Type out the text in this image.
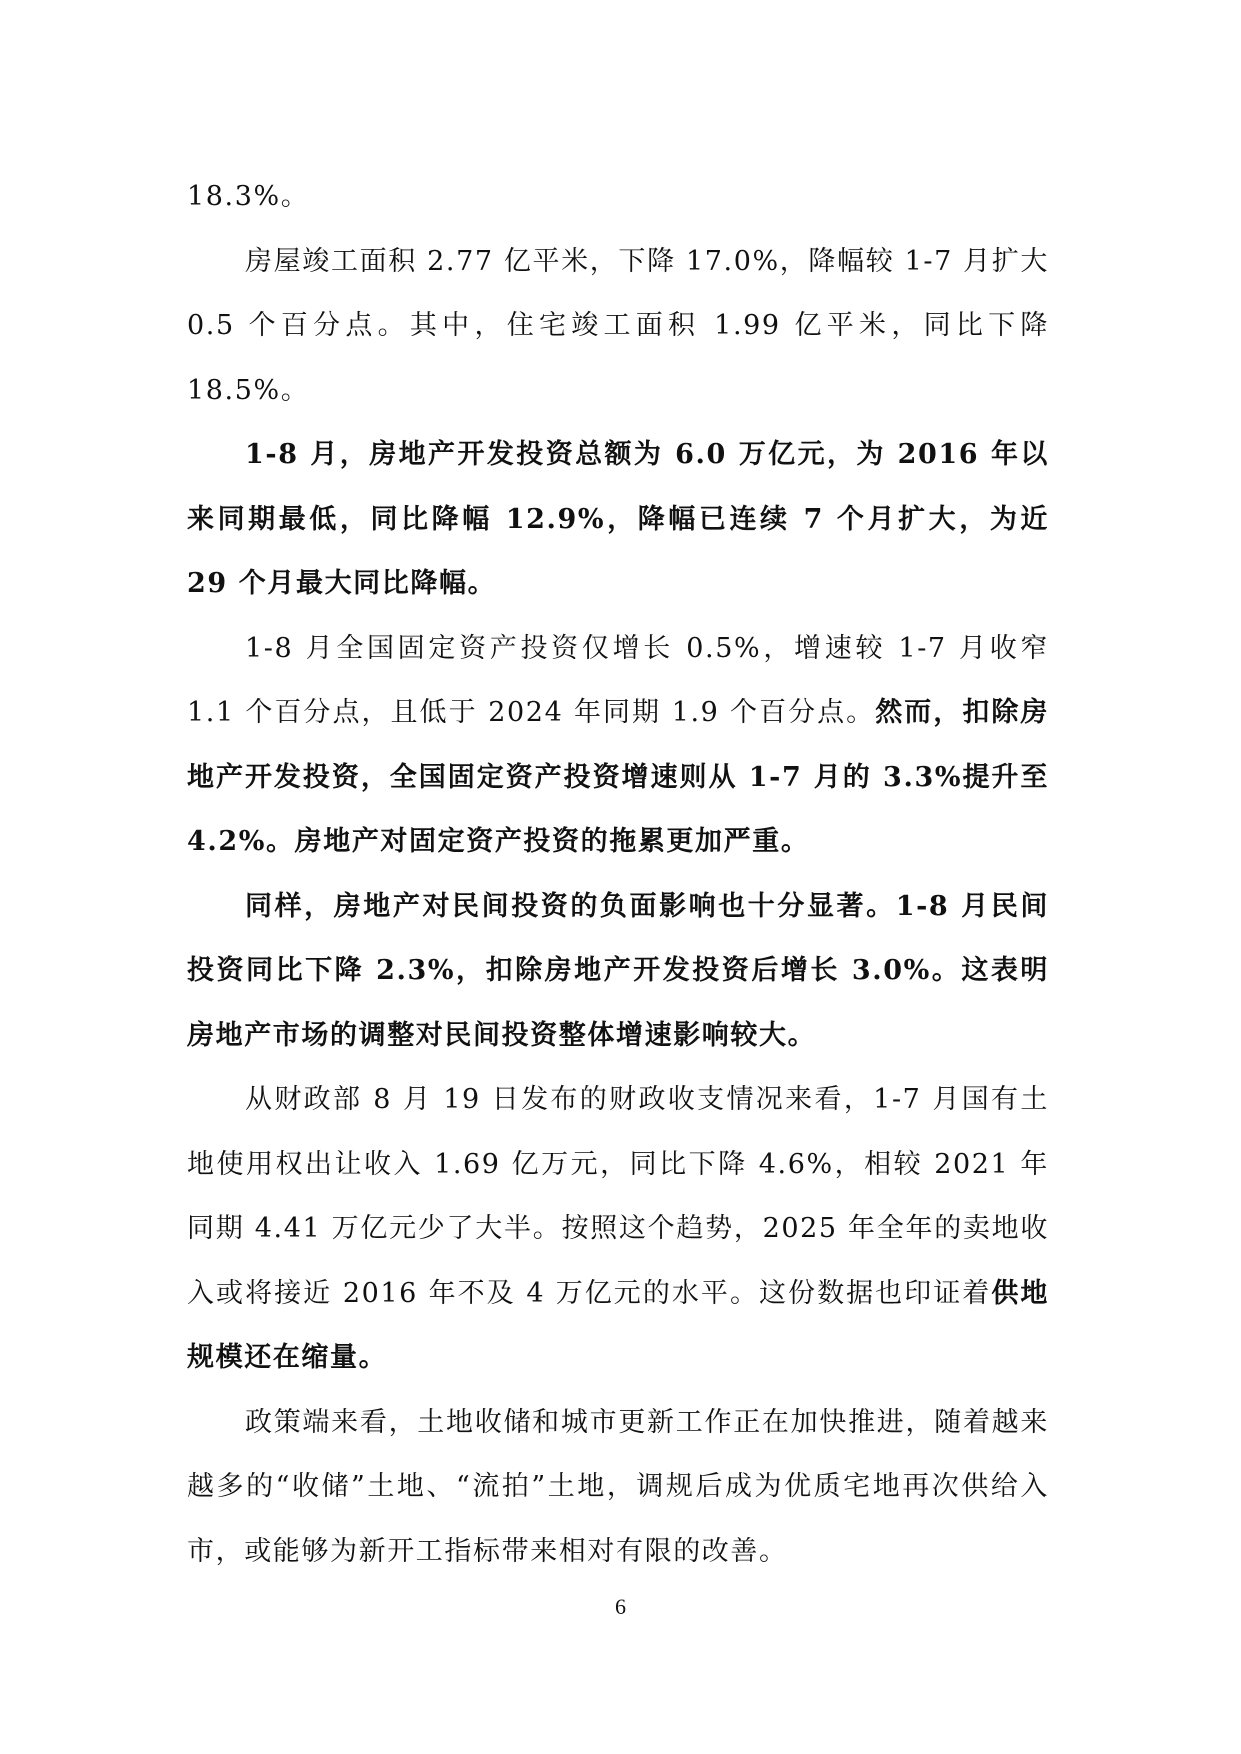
18.3%。

房屋竣工面积 2.77 亿平米，下降 17.0%，降幅较 1-7 月扩大 0.5 个百分点。其中，住宅竣工面积 1.99 亿平米，同比下降 18.5%。

1-8 月，房地产开发投资总额为 6.0 万亿元，为 2016 年以来同期最低，同比降幅 12.9%，降幅已连续 7 个月扩大，为近 29 个月最大同比降幅。

1-8 月全国固定资产投资仅增长 0.5%，增速较 1-7 月收窄 1.1 个百分点，且低于 2024 年同期 1.9 个百分点。然而，扣除房地产开发投资，全国固定资产投资增速则从 1-7 月的 3.3%提升至 4.2%。房地产对固定资产投资的拖累更加严重。

同样，房地产对民间投资的负面影响也十分显著。1-8 月民间投资同比下降 2.3%，扣除房地产开发投资后增长 3.0%。这表明房地产市场的调整对民间投资整体增速影响较大。

从财政部 8 月 19 日发布的财政收支情况来看，1-7 月国有土地使用权出让收入 1.69 亿万元，同比下降 4.6%，相较 2021 年同期 4.41 万亿元少了大半。按照这个趋势，2025 年全年的卖地收入或将接近 2016 年不及 4 万亿元的水平。这份数据也印证着供地规模还在缩量。

政策端来看，土地收储和城市更新工作正在加快推进，随着越来越多的“收储”土地、“流拍”土地，调规后成为优质宅地再次供给入市，或能够为新开工指标带来相对有限的改善。

6
